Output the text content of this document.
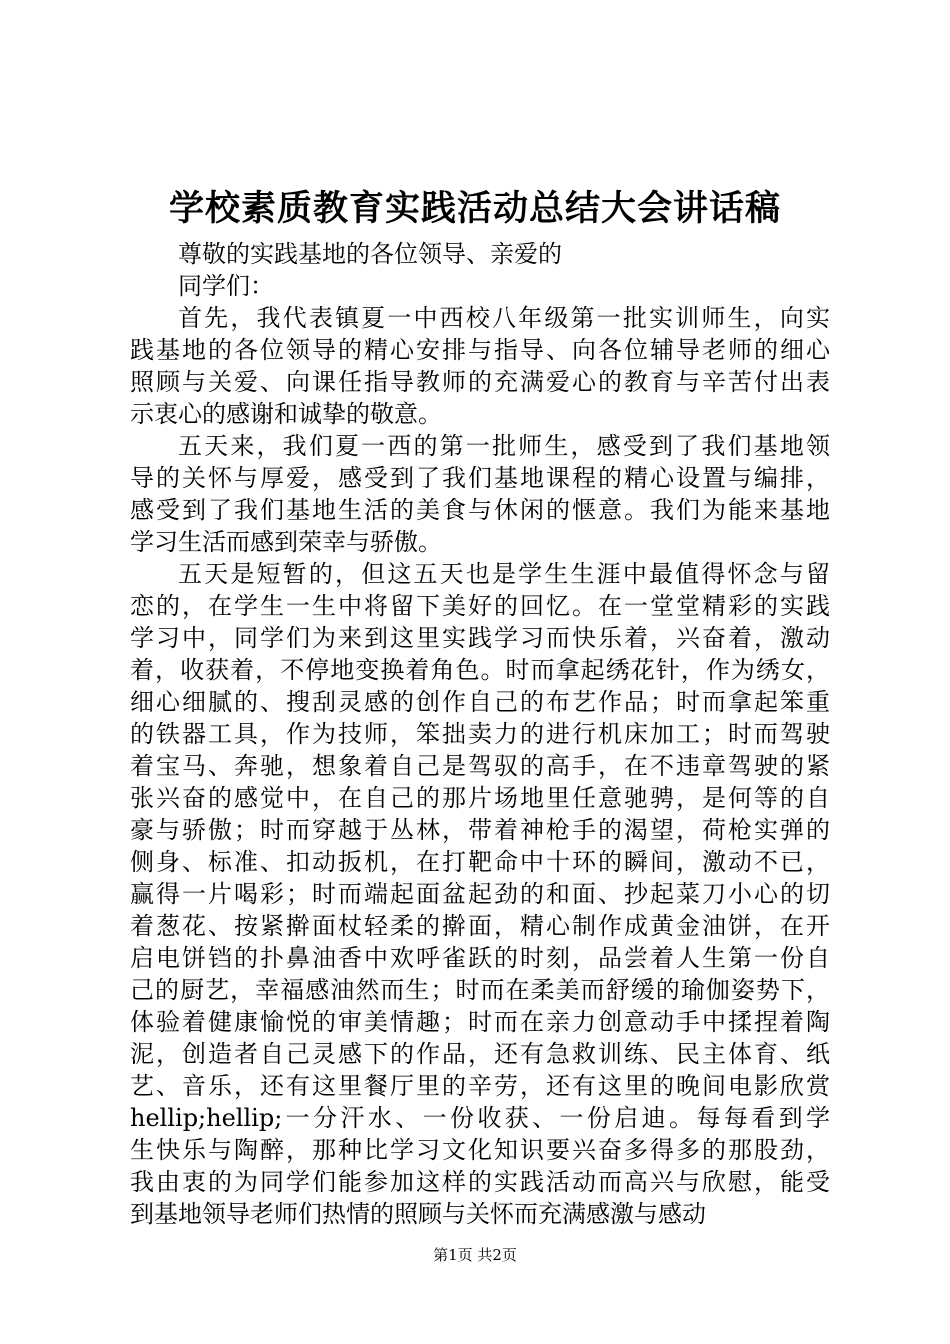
学校素质教育实践活动总结大会讲话稿
尊敬的实践基地的各位领导、亲爱的
同学们：
首先，我代表镇夏一中西校八年级第一批实训师生，向实
践基地的各位领导的精心安排与指导、向各位辅导老师的细心
照顾与关爱、向课任指导教师的充满爱心的教育与辛苦付出表
示衷心的感谢和诚挚的敬意。
五天来，我们夏一西的第一批师生，感受到了我们基地领
导的关怀与厚爱，感受到了我们基地课程的精心设置与编排，
感受到了我们基地生活的美食与休闲的惬意。我们为能来基地
学习生活而感到荣幸与骄傲。
五天是短暂的，但这五天也是学生生涯中最值得怀念与留
恋的，在学生一生中将留下美好的回忆。在一堂堂精彩的实践
学习中，同学们为来到这里实践学习而快乐着，兴奋着，激动
着，收获着，不停地变换着角色。时而拿起绣花针，作为绣女，
细心细腻的、搜刮灵感的创作自己的布艺作品；时而拿起笨重
的铁器工具，作为技师，笨拙卖力的进行机床加工；时而驾驶
着宝马、奔驰，想象着自己是驾驭的高手，在不违章驾驶的紧
张兴奋的感觉中，在自己的那片场地里任意驰骋，是何等的自
豪与骄傲；时而穿越于丛林，带着神枪手的渴望，荷枪实弹的
侧身、标准、扣动扳机，在打靶命中十环的瞬间，激动不已，
赢得一片喝彩；时而端起面盆起劲的和面、抄起菜刀小心的切
着葱花、按紧擀面杖轻柔的擀面，精心制作成黄金油饼，在开
启电饼铛的扑鼻油香中欢呼雀跃的时刻，品尝着人生第一份自
己的厨艺，幸福感油然而生；时而在柔美而舒缓的瑜伽姿势下，
体验着健康愉悦的审美情趣；时而在亲力创意动手中揉捏着陶
泥，创造者自己灵感下的作品，还有急救训练、民主体育、纸
艺、音乐，还有这里餐厅里的辛劳，还有这里的晚间电影欣赏
hellip;hellip;一分汗水、一份收获、一份启迪。每每看到学
生快乐与陶醉，那种比学习文化知识要兴奋多得多的那股劲，
我由衷的为同学们能参加这样的实践活动而高兴与欣慰，能受
到基地领导老师们热情的照顾与关怀而充满感激与感动
第1页 共2页
